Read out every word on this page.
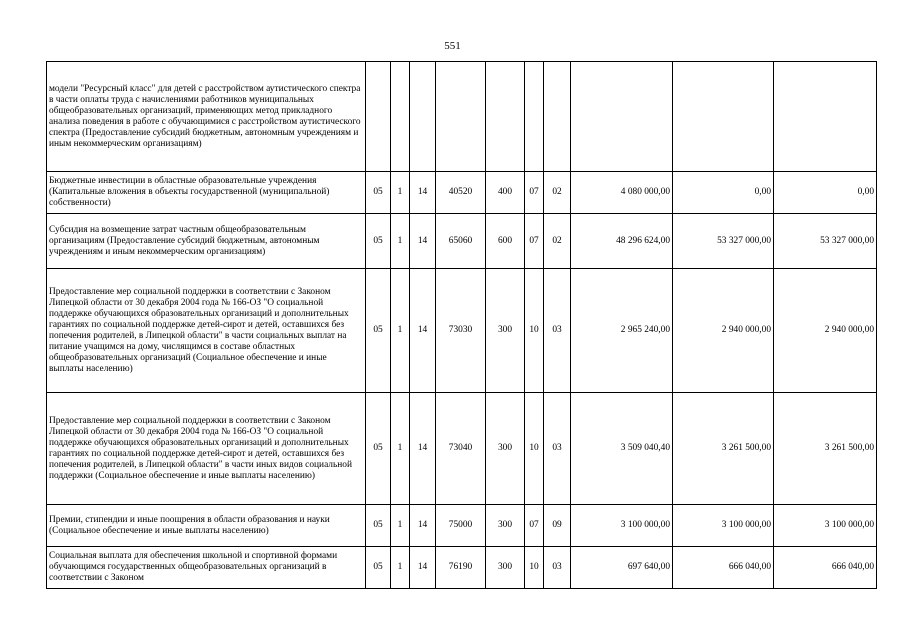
551
модели "Ресурсный класс" для детей с расстройством аутистического спектра в части оплаты труда с начислениями работников муниципальных общеобразовательных организаций, применяющих метод прикладного анализа поведения в работе с обучающимися с расстройством аутистического спектра (Предоставление субсидий бюджетным, автономным учреждениям и иным некоммерческим организациям)										
Бюджетные инвестиции в областные образовательные учреждения (Капитальные вложения в объекты государственной (муниципальной) собственности)	05	1	14	40520	400	07	02	4 080 000,00	0,00	0,00
Субсидия на возмещение затрат частным общеобразовательным организациям (Предоставление субсидий бюджетным, автономным учреждениям и иным некоммерческим организациям)	05	1	14	65060	600	07	02	48 296 624,00	53 327 000,00	53 327 000,00
Предоставление мер социальной поддержки в соответствии с Законом Липецкой области от 30 декабря 2004 года № 166-ОЗ "О социальной поддержке обучающихся образовательных организаций и дополнительных гарантиях по социальной поддержке детей-сирот и детей, оставшихся без попечения родителей, в Липецкой области" в части социальных выплат на питание учащимся на дому, числящимся в составе областных общеобразовательных организаций (Социальное обеспечение и иные выплаты населению)	05	1	14	73030	300	10	03	2 965 240,00	2 940 000,00	2 940 000,00
Предоставление мер социальной поддержки в соответствии с Законом Липецкой области от 30 декабря 2004 года № 166-ОЗ "О социальной поддержке обучающихся образовательных организаций и дополнительных гарантиях по социальной поддержке детей-сирот и детей, оставшихся без попечения родителей, в Липецкой области" в части иных видов социальной поддержки (Социальное обеспечение и иные выплаты населению)	05	1	14	73040	300	10	03	3 509 040,40	3 261 500,00	3 261 500,00
Премии, стипендии и иные поощрения в области образования и науки (Социальное обеспечение и иные выплаты населению)	05	1	14	75000	300	07	09	3 100 000,00	3 100 000,00	3 100 000,00
Социальная выплата для обеспечения школьной и спортивной формами обучающимся государственных общеобразовательных организаций в соответствии с Законом	05	1	14	76190	300	10	03	697 640,00	666 040,00	666 040,00
